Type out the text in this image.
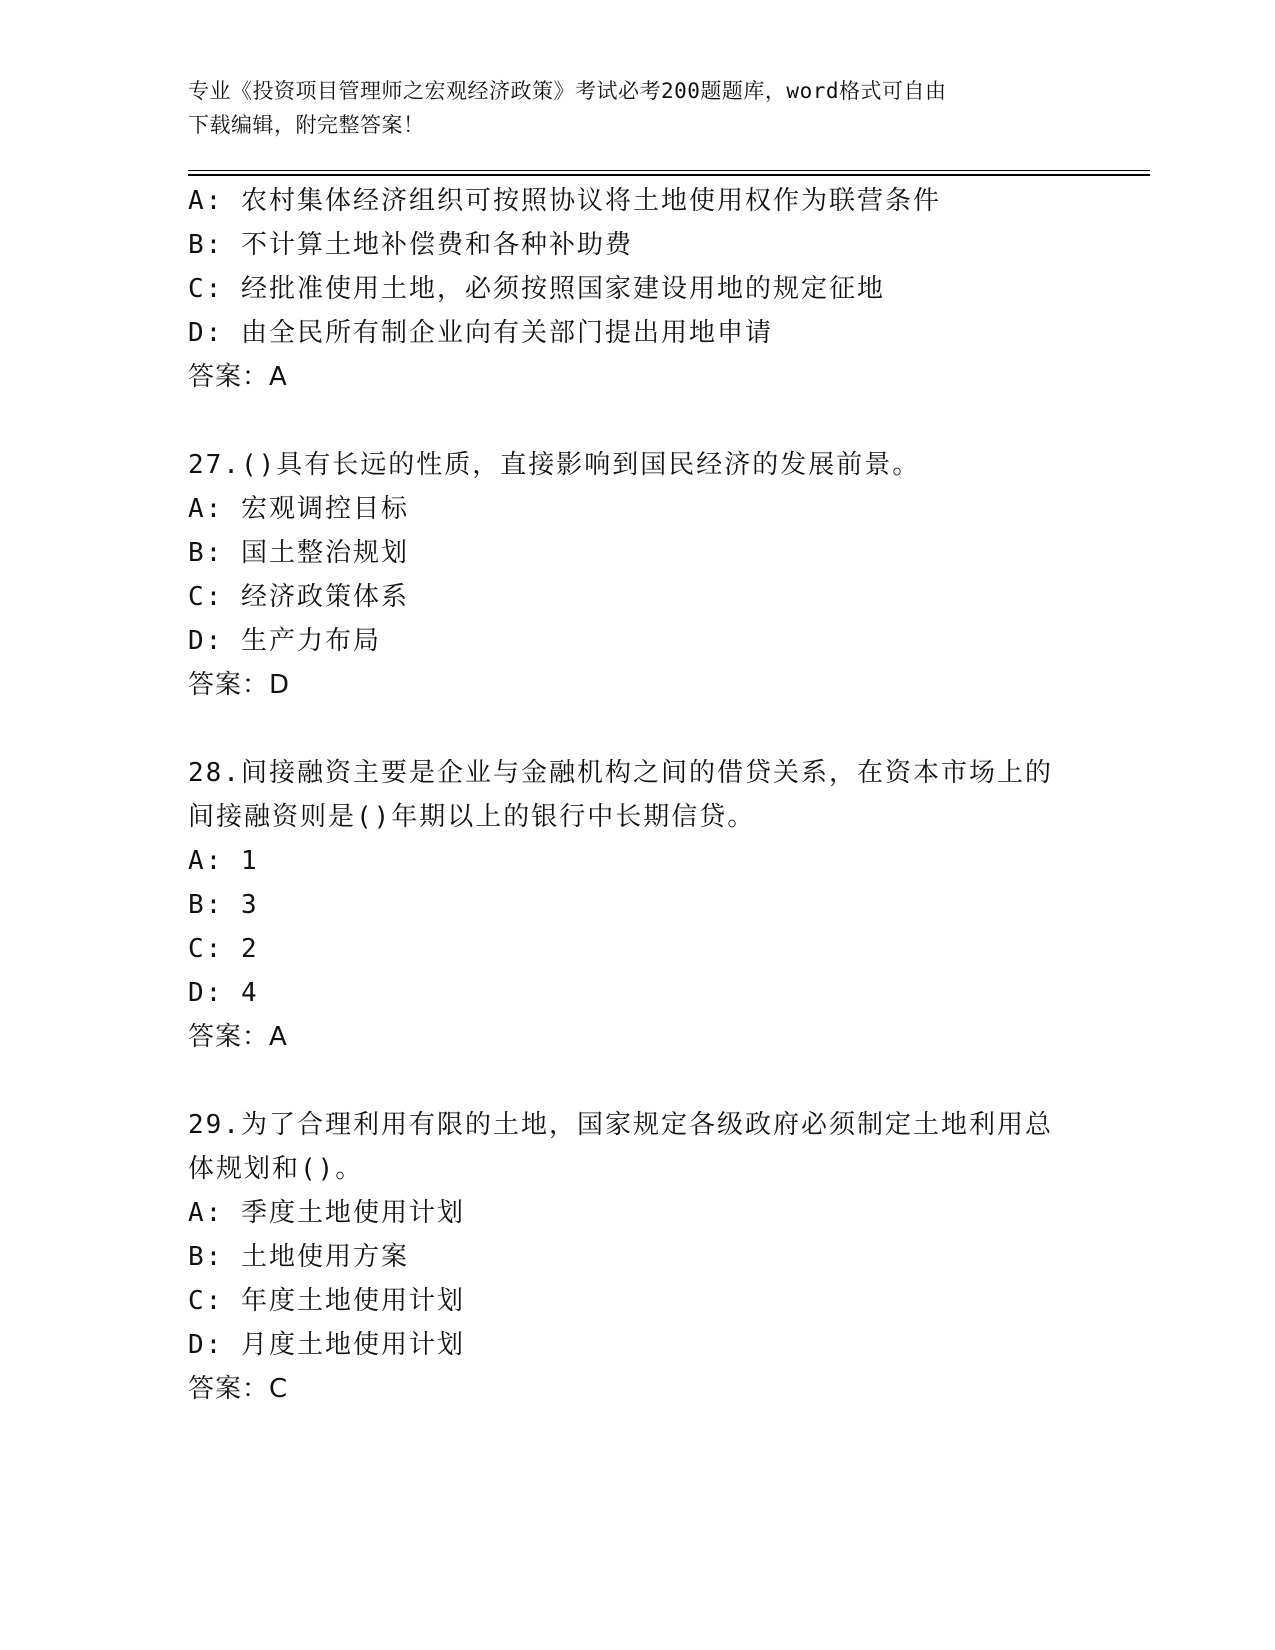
专业《投资项目管理师之宏观经济政策》考试必考200题题库，word格式可自由
下载编辑，附完整答案！
A: 农村集体经济组织可按照协议将土地使用权作为联营条件
B: 不计算土地补偿费和各种补助费
C: 经批准使用土地，必须按照国家建设用地的规定征地
D: 由全民所有制企业向有关部门提出用地申请
答案：A
27.()具有长远的性质，直接影响到国民经济的发展前景。
A: 宏观调控目标
B: 国土整治规划
C: 经济政策体系
D: 生产力布局
答案：D
28.间接融资主要是企业与金融机构之间的借贷关系，在资本市场上的
间接融资则是()年期以上的银行中长期信贷。
A: 1
B: 3
C: 2
D: 4
答案：A
29.为了合理利用有限的土地，国家规定各级政府必须制定土地利用总
体规划和()。
A: 季度土地使用计划
B: 土地使用方案
C: 年度土地使用计划
D: 月度土地使用计划
答案：C
